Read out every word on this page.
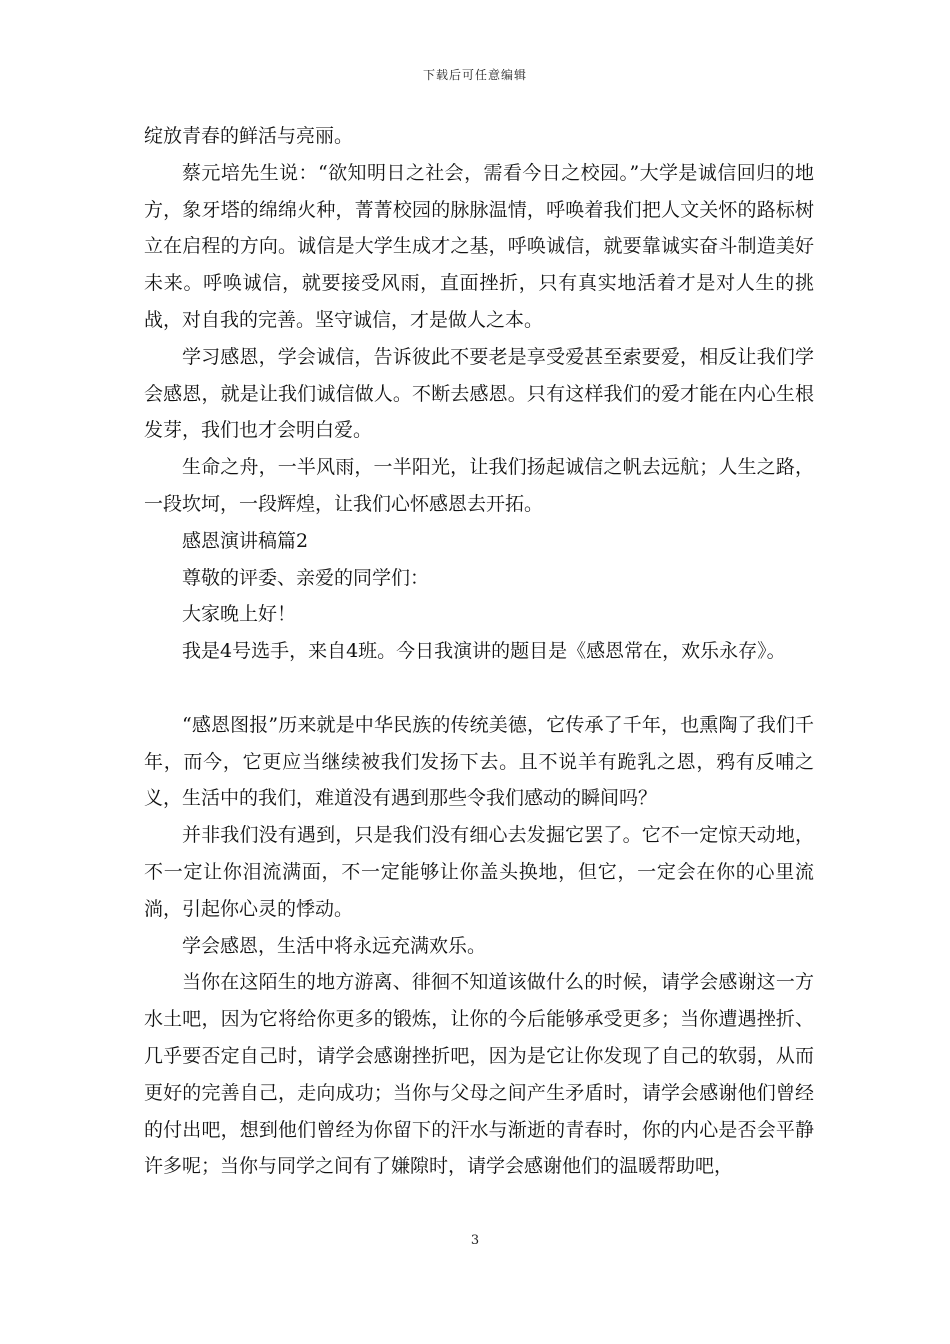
下载后可任意编辑

绽放青春的鲜活与亮丽。

蔡元培先生说：“欲知明日之社会，需看今日之校园。”大学是诚信回归的地方，象牙塔的绵绵火种，菁菁校园的脉脉温情，呼唤着我们把人文关怀的路标树立在启程的方向。诚信是大学生成才之基，呼唤诚信，就要靠诚实奋斗制造美好未来。呼唤诚信，就要接受风雨，直面挫折，只有真实地活着才是对人生的挑战，对自我的完善。坚守诚信，才是做人之本。

学习感恩，学会诚信，告诉彼此不要老是享受爱甚至索要爱，相反让我们学会感恩，就是让我们诚信做人。不断去感恩。只有这样我们的爱才能在内心生根发芽，我们也才会明白爱。

生命之舟，一半风雨，一半阳光，让我们扬起诚信之帆去远航；人生之路，一段坎坷，一段辉煌，让我们心怀感恩去开拓。

感恩演讲稿篇2

尊敬的评委、亲爱的同学们：

大家晚上好！

我是4号选手，来自4班。今日我演讲的题目是《感恩常在，欢乐永存》。

“感恩图报”历来就是中华民族的传统美德，它传承了千年，也熏陶了我们千年，而今，它更应当继续被我们发扬下去。且不说羊有跪乳之恩，鸦有反哺之义，生活中的我们，难道没有遇到那些令我们感动的瞬间吗？

并非我们没有遇到，只是我们没有细心去发掘它罢了。它不一定惊天动地，不一定让你泪流满面，不一定能够让你盖头换地，但它，一定会在你的心里流淌，引起你心灵的悸动。

学会感恩，生活中将永远充满欢乐。

当你在这陌生的地方游离、徘徊不知道该做什么的时候，请学会感谢这一方水土吧，因为它将给你更多的锻炼，让你的今后能够承受更多；当你遭遇挫折、几乎要否定自己时，请学会感谢挫折吧，因为是它让你发现了自己的软弱，从而更好的完善自己，走向成功；当你与父母之间产生矛盾时，请学会感谢他们曾经的付出吧，想到他们曾经为你留下的汗水与渐逝的青春时，你的内心是否会平静许多呢；当你与同学之间有了嫌隙时，请学会感谢他们的温暖帮助吧，

3
